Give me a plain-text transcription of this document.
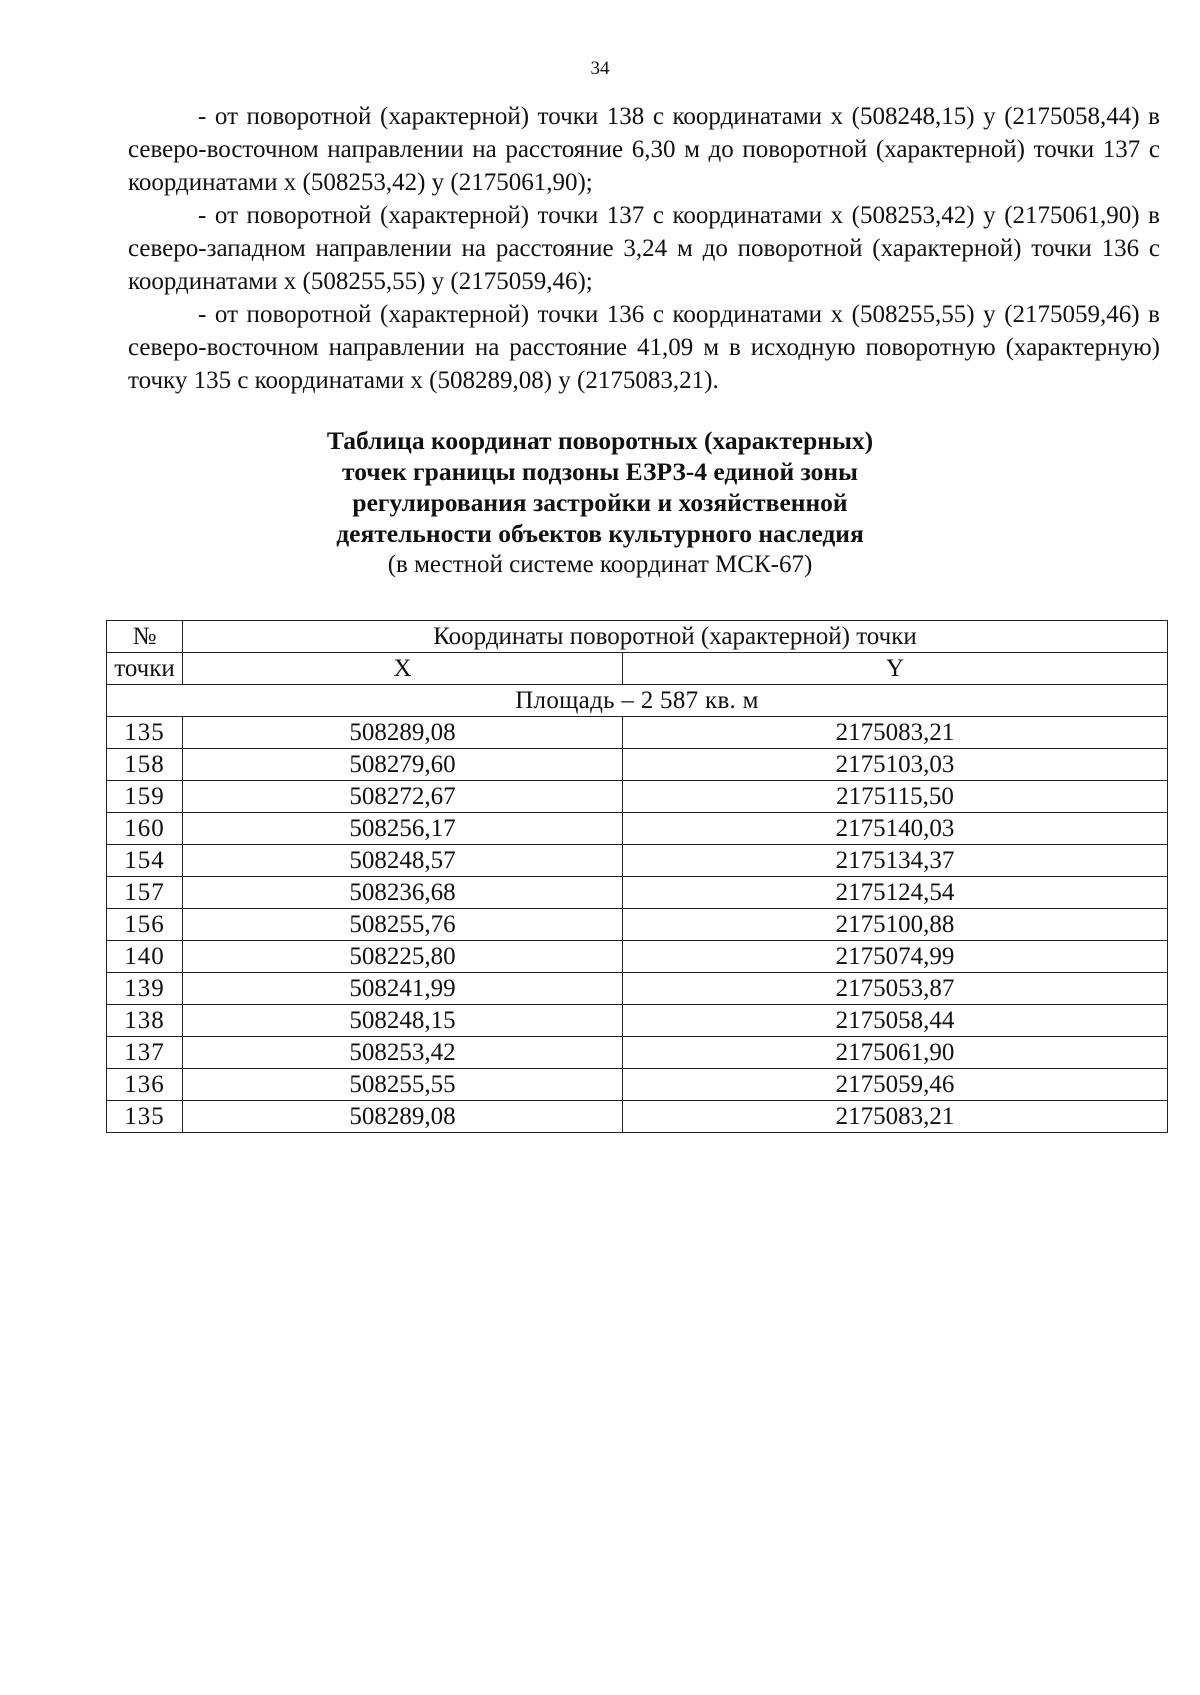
34

- от поворотной (характерной) точки 138 с координатами x (508248,15) y (2175058,44) в северо-восточном направлении на расстояние 6,30 м до поворотной (характерной) точки 137 с координатами x (508253,42) y (2175061,90);

- от поворотной (характерной) точки 137 с координатами x (508253,42) y (2175061,90) в северо-западном направлении на расстояние 3,24 м до поворотной (характерной) точки 136 с координатами x (508255,55) y (2175059,46);

- от поворотной (характерной) точки 136 с координатами x (508255,55) y (2175059,46) в северо-восточном направлении на расстояние 41,09 м в исходную поворотную (характерную) точку 135 с координатами x (508289,08) y (2175083,21).

Таблица координат поворотных (характерных)
точек границы подзоны ЕЗРЗ-4 единой зоны
регулирования застройки и хозяйственной
деятельности объектов культурного наследия
(в местной системе координат МСК-67)
№	Координаты поворотной (характерной) точки	
точки	X	Y
Площадь – 2 587 кв. м		
135	508289,08	2175083,21
158	508279,60	2175103,03
159	508272,67	2175115,50
160	508256,17	2175140,03
154	508248,57	2175134,37
157	508236,68	2175124,54
156	508255,76	2175100,88
140	508225,80	2175074,99
139	508241,99	2175053,87
138	508248,15	2175058,44
137	508253,42	2175061,90
136	508255,55	2175059,46
135	508289,08	2175083,21
